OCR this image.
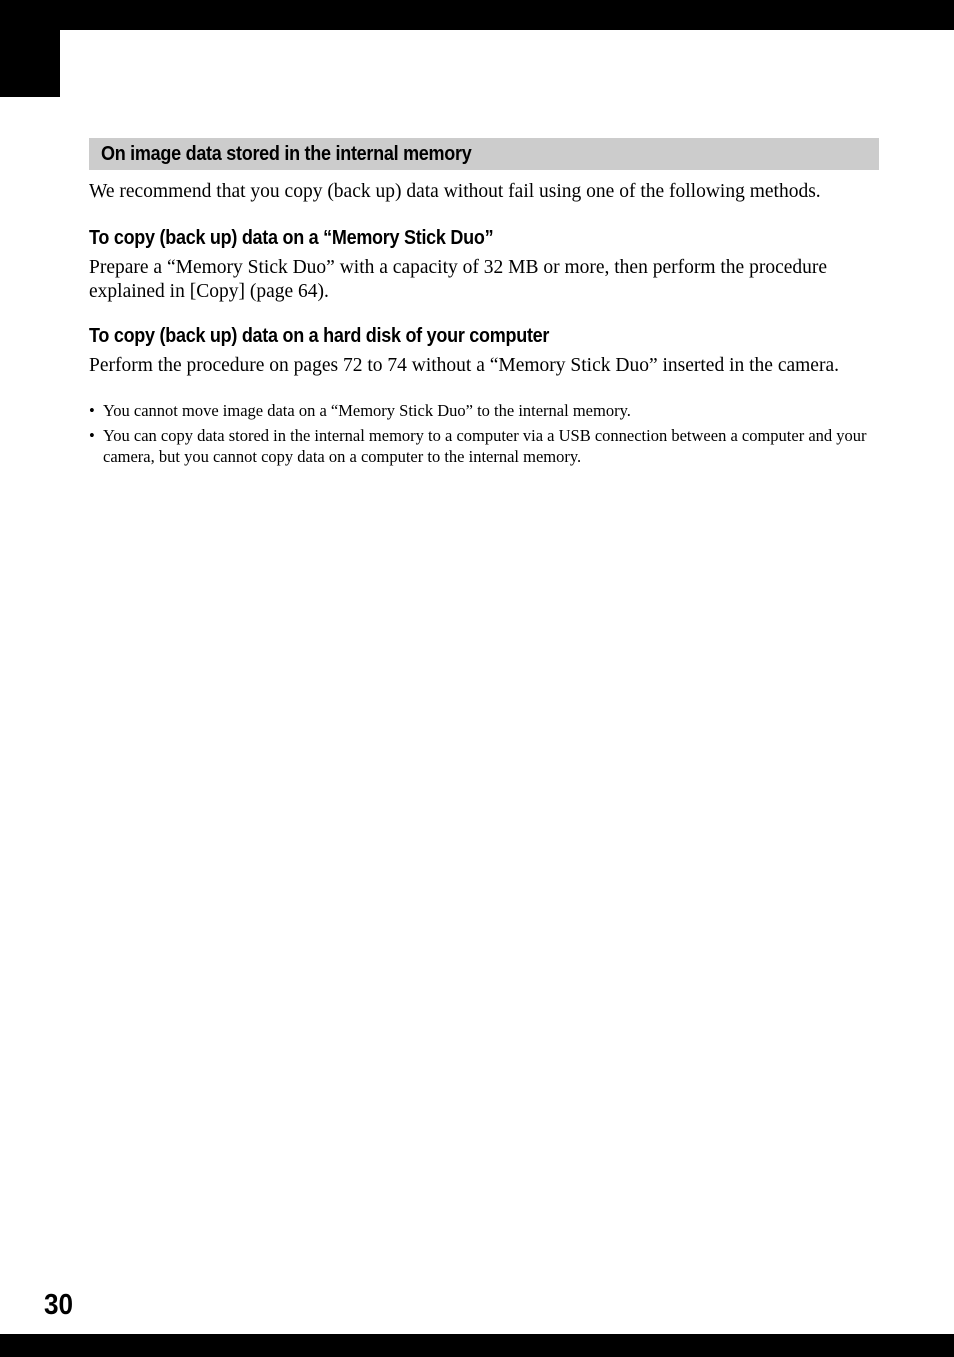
On image data stored in the internal memory

We recommend that you copy (back up) data without fail using one of the following methods.

To copy (back up) data on a “Memory Stick Duo”

Prepare a “Memory Stick Duo” with a capacity of 32 MB or more, then perform the procedure explained in [Copy] (page 64).

To copy (back up) data on a hard disk of your computer

Perform the procedure on pages 72 to 74 without a “Memory Stick Duo” inserted in the camera.

• You cannot move image data on a “Memory Stick Duo” to the internal memory.
• You can copy data stored in the internal memory to a computer via a USB connection between a computer and your camera, but you cannot copy data on a computer to the internal memory.
30
